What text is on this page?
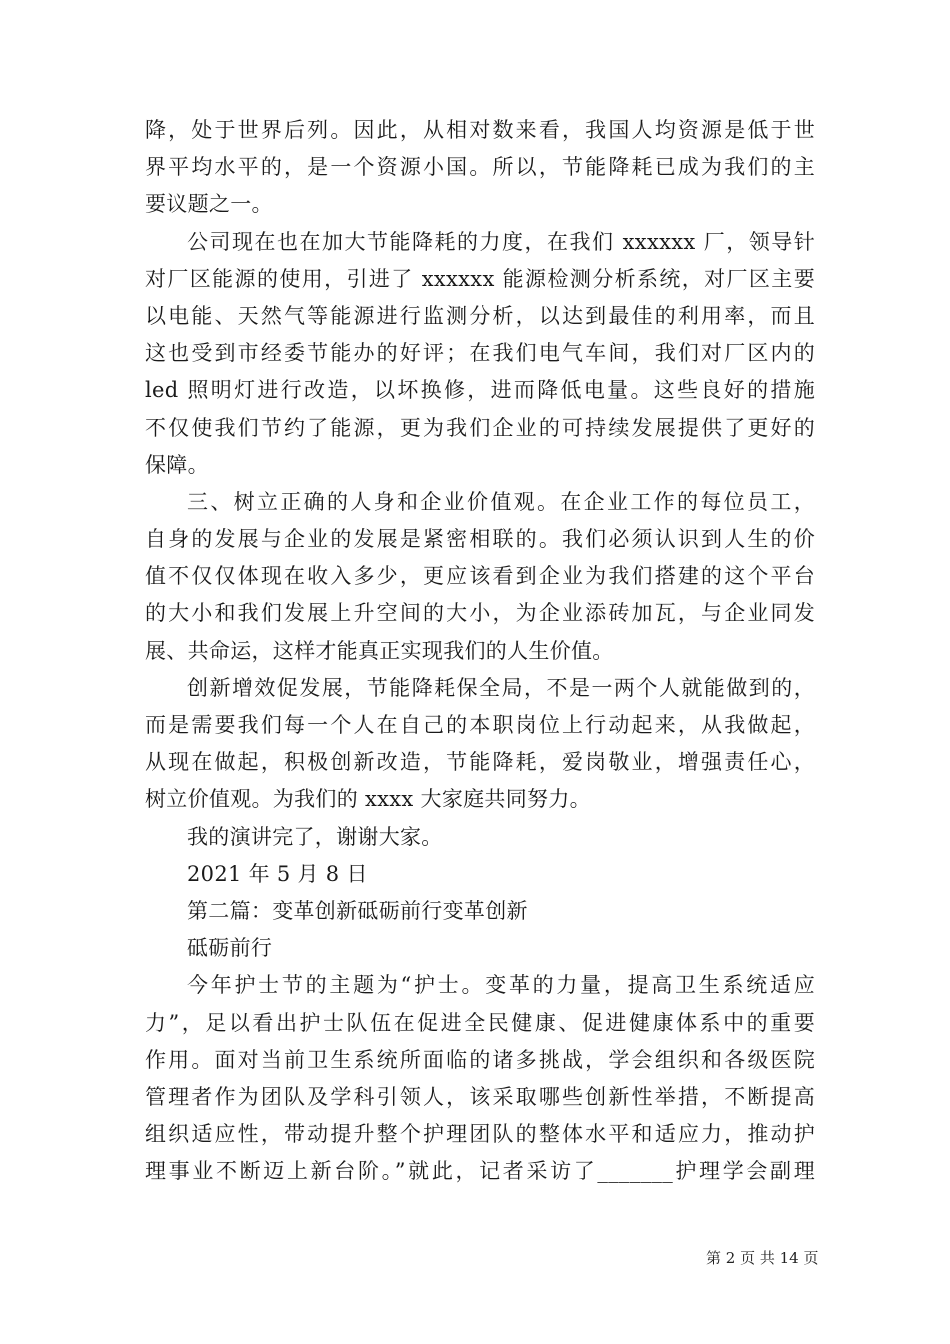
降，处于世界后列。因此，从相对数来看，我国人均资源是低于世
界平均水平的，是一个资源小国。所以，节能降耗已成为我们的主
要议题之一。
公司现在也在加大节能降耗的力度，在我们 xxxxxx 厂，领导针
对厂区能源的使用，引进了 xxxxxx 能源检测分析系统，对厂区主要
以电能、天然气等能源进行监测分析，以达到最佳的利用率，而且
这也受到市经委节能办的好评；在我们电气车间，我们对厂区内的
led 照明灯进行改造，以坏换修，进而降低电量。这些良好的措施
不仅使我们节约了能源，更为我们企业的可持续发展提供了更好的
保障。
三、树立正确的人身和企业价值观。在企业工作的每位员工，
自身的发展与企业的发展是紧密相联的。我们必须认识到人生的价
值不仅仅体现在收入多少，更应该看到企业为我们搭建的这个平台
的大小和我们发展上升空间的大小，为企业添砖加瓦，与企业同发
展、共命运，这样才能真正实现我们的人生价值。
创新增效促发展，节能降耗保全局，不是一两个人就能做到的，
而是需要我们每一个人在自己的本职岗位上行动起来，从我做起，
从现在做起，积极创新改造，节能降耗，爱岗敬业，增强责任心，
树立价值观。为我们的 xxxx 大家庭共同努力。
我的演讲完了，谢谢大家。
2021 年 5 月 8 日
第二篇：变革创新砥砺前行变革创新
砥砺前行
今年护士节的主题为“护士。变革的力量，提高卫生系统适应
力”，足以看出护士队伍在促进全民健康、促进健康体系中的重要
作用。面对当前卫生系统所面临的诸多挑战，学会组织和各级医院
管理者作为团队及学科引领人，该采取哪些创新性举措，不断提高
组织适应性，带动提升整个护理团队的整体水平和适应力，推动护
理事业不断迈上新台阶。”就此，记者采访了_______护理学会副理
第 2 页 共 14 页
